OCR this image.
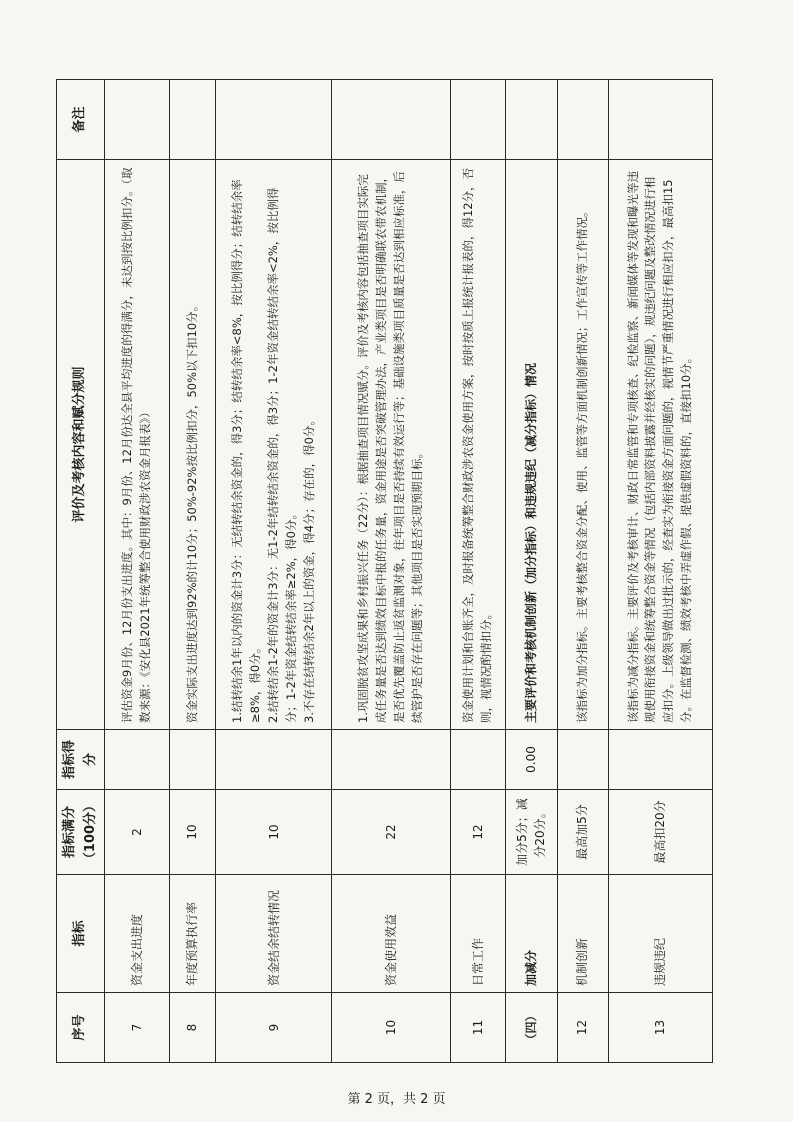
序号	指标	指标满分（100分）	指标得分	评价及考核内容和赋分规则	备注
7	资金支出进度	2		评估资金9月份、12月份支出进度。其中：9月份、12月份达全县平均进度的得满分，未达到按比例扣分。（取数来源：《安化县2021年统筹整合使用财政涉农资金月报表》）	

8	年度预算执行率	10		资金实际支出进度达到92%的计10分；50%-92%按比例扣分，50%以下扣10分。	

9	资金结余结转情况	10		1.结转结余1年以内的资金计3分：无结转结余资金的，得3分；结转结余率<8%，按比例得分；结转结余率≥8%，得0分。 2.结转结余1-2年的资金计3分：无1-2年结转结余资金的，得3分；1-2年资金结转结余率<2%，按比例得分；1-2年资金结转结余率≥2%，得0分。 3.不存在结转结余2年以上的资金，得4分；存在的，得0分。	

10	资金使用效益	22		1.巩固脱贫攻坚成果和乡村振兴任务（22分）：根据抽查项目情况赋分。评价及考核内容包括抽查项目实际完成任务量是否达到绩效目标中报的任务量，资金用途是否突破管理办法，产业类项目是否明确联农带农机制，是否优先覆盖防止返贫监测对象，往年项目是否持续有效运行等；基础设施类项目质量是否达到相应标准，后续管护是否存在问题等；其他项目是否实现预期目标。	

11	日常工作	12		资金使用计划和台账齐全，及时报备统筹整合财政涉农资金使用方案，按时按质上报统计报表的，得12分，否则，视情况酌情扣分。	

（四）	加减分	加分5分；减分20分。	0.00	主要评价和考核机制创新（加分指标）和违规违纪（减分指标）情况	
12	机制创新	最高加5分		该指标为加分指标。主要考核整合资金分配、使用、监管等方面机制创新情况；工作宣传等工作情况。	

13	违规违纪	最高扣20分		该指标为减分指标。主要评价及考核审计、财政日常监管和专项核查、纪检监察、新闻媒体等发现和曝光等违规使用衔接资金和统筹整合资金等情况（包括内部资料披露并经核实的问题），规违纪问题及整改情况进行相应扣分。上级领导做出过批示的，经查实为衔接资金方面问题的，视情节严重情况进行相应扣分，最高扣15分。在监督检测、绩效考核中弄虚作假、提供虚假资料的，直接扣10分。	

第 2 页，共 2 页
